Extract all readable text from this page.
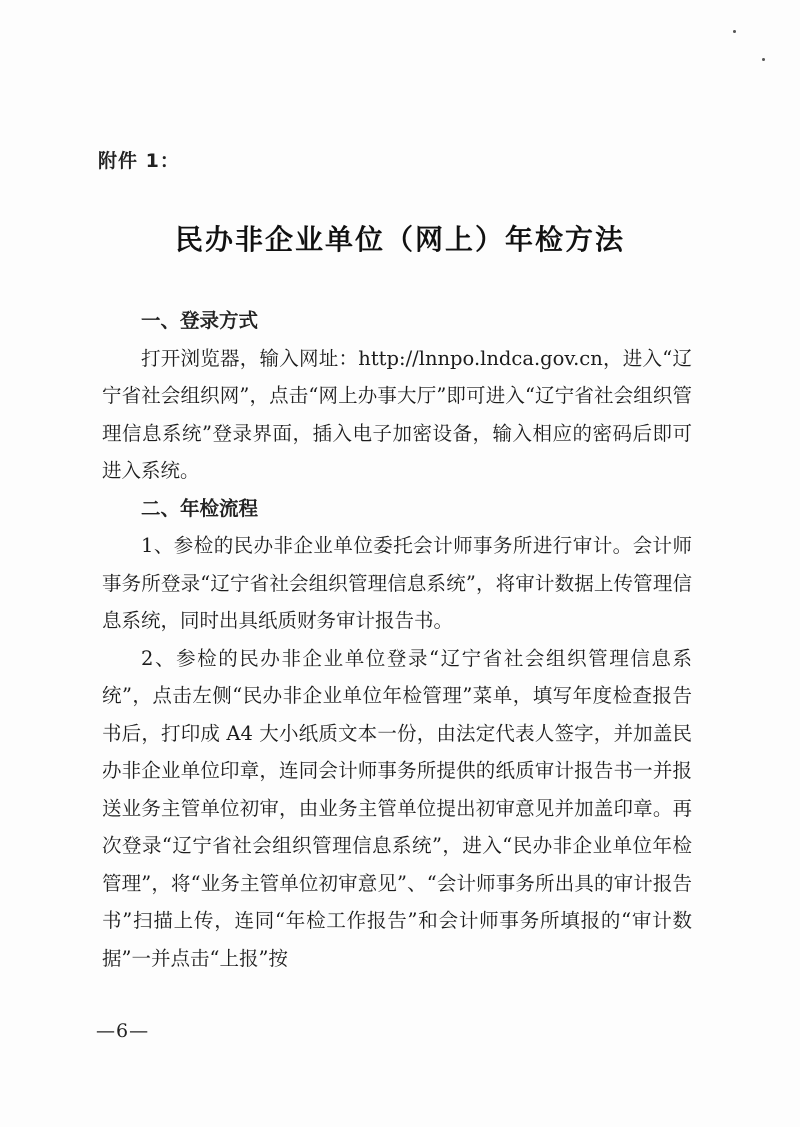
附件 1：
民办非企业单位（网上）年检方法

一、登录方式

打开浏览器，输入网址：http://lnnpo.lndca.gov.cn，进入“辽宁省社会组织网”，点击“网上办事大厅”即可进入“辽宁省社会组织管理信息系统”登录界面，插入电子加密设备，输入相应的密码后即可进入系统。

二、年检流程

1、参检的民办非企业单位委托会计师事务所进行审计。会计师事务所登录“辽宁省社会组织管理信息系统”，将审计数据上传管理信息系统，同时出具纸质财务审计报告书。

2、参检的民办非企业单位登录“辽宁省社会组织管理信息系统”，点击左侧“民办非企业单位年检管理”菜单，填写年度检查报告书后，打印成 A4 大小纸质文本一份，由法定代表人签字，并加盖民办非企业单位印章，连同会计师事务所提供的纸质审计报告书一并报送业务主管单位初审，由业务主管单位提出初审意见并加盖印章。再次登录“辽宁省社会组织管理信息系统”，进入“民办非企业单位年检管理”，将“业务主管单位初审意见”、“会计师事务所出具的审计报告书”扫描上传，连同“年检工作报告”和会计师事务所填报的“审计数据”一并点击“上报”按

—6—
